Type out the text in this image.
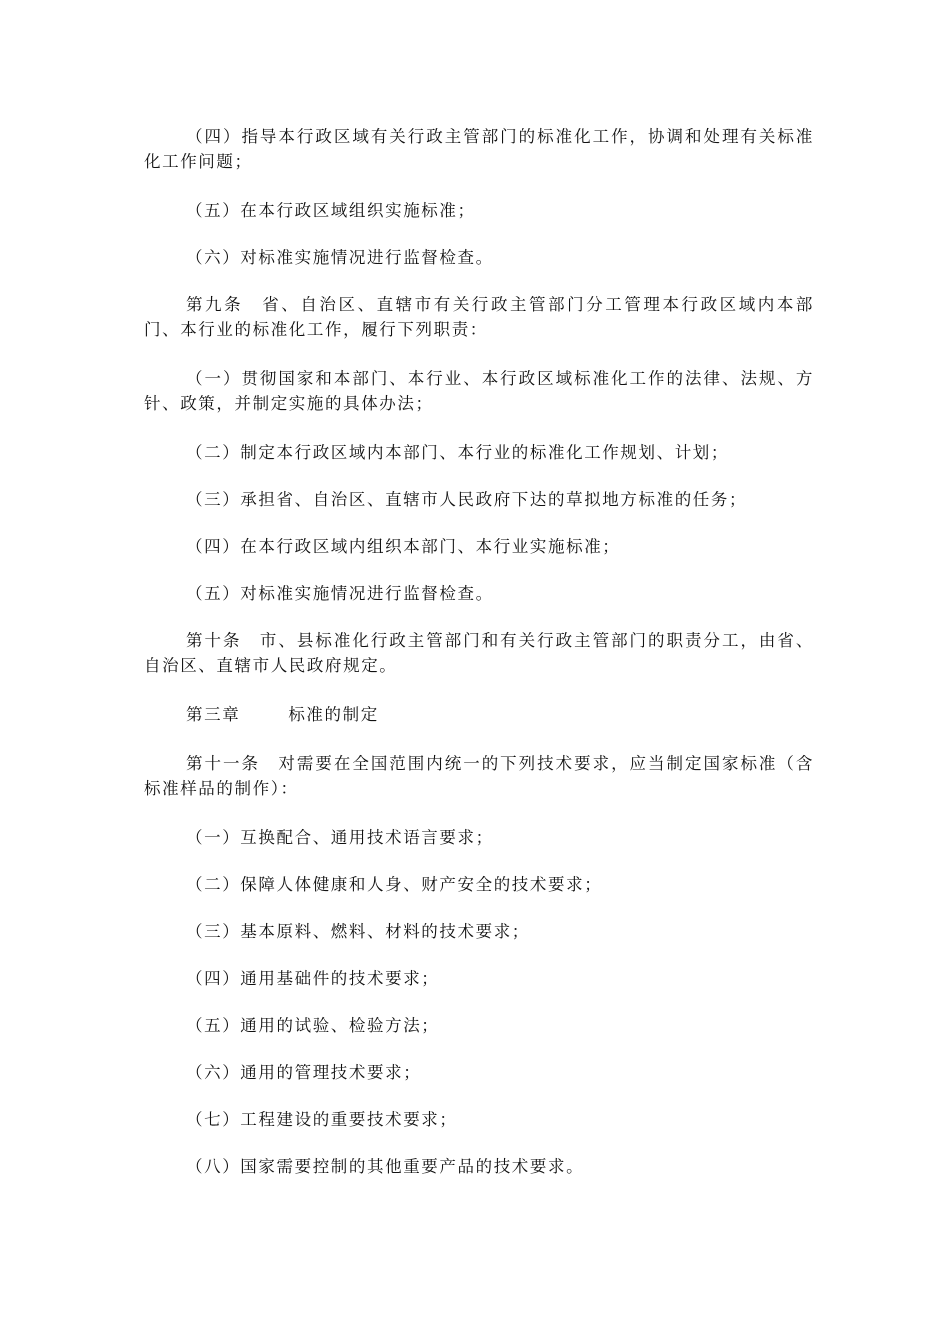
（四）指导本行政区域有关行政主管部门的标准化工作，协调和处理有关标准化工作问题；

（五）在本行政区域组织实施标准；

（六）对标准实施情况进行监督检查。

第九条　省、自治区、直辖市有关行政主管部门分工管理本行政区域内本部门、本行业的标准化工作，履行下列职责：

（一）贯彻国家和本部门、本行业、本行政区域标准化工作的法律、法规、方针、政策，并制定实施的具体办法；

（二）制定本行政区域内本部门、本行业的标准化工作规划、计划；

（三）承担省、自治区、直辖市人民政府下达的草拟地方标准的任务；

（四）在本行政区域内组织本部门、本行业实施标准；

（五）对标准实施情况进行监督检查。

第十条　市、县标准化行政主管部门和有关行政主管部门的职责分工，由省、自治区、直辖市人民政府规定。

第三章	标准的制定

第十一条　对需要在全国范围内统一的下列技术要求，应当制定国家标准（含标准样品的制作）：

（一）互换配合、通用技术语言要求；

（二）保障人体健康和人身、财产安全的技术要求；

（三）基本原料、燃料、材料的技术要求；

（四）通用基础件的技术要求；

（五）通用的试验、检验方法；

（六）通用的管理技术要求；

（七）工程建设的重要技术要求；

（八）国家需要控制的其他重要产品的技术要求。
